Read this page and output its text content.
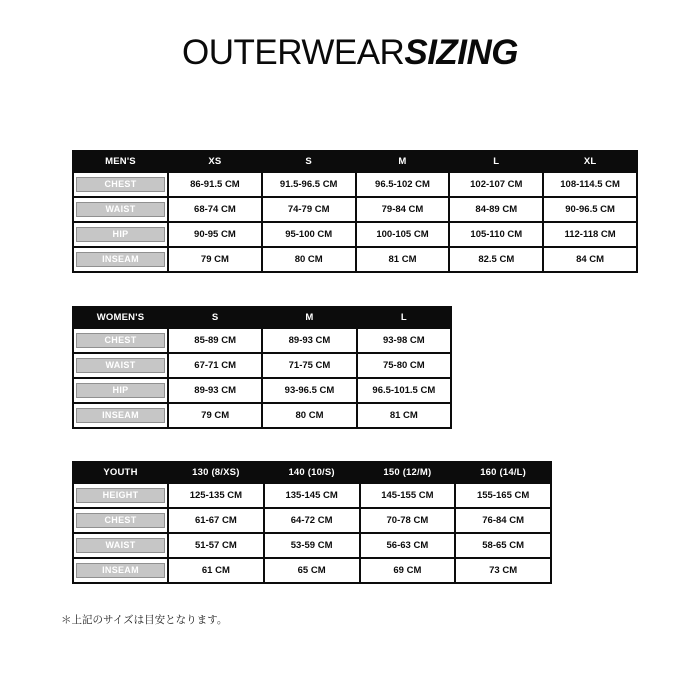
OUTERWEARSIZING
MEN'S	XS	S	M	L	XL

CHEST	86-91.5 CM	91.5-96.5 CM	96.5-102 CM	102-107 CM	108-114.5 CM

WAIST	68-74 CM	74-79 CM	79-84 CM	84-89 CM	90-96.5 CM

HIP	90-95 CM	95-100 CM	100-105 CM	105-110 CM	112-118 CM

INSEAM	79 CM	80 CM	81 CM	82.5 CM	84 CM
WOMEN'S	S	M	L

CHEST	85-89 CM	89-93 CM	93-98 CM

WAIST	67-71 CM	71-75 CM	75-80 CM

HIP	89-93 CM	93-96.5 CM	96.5-101.5 CM

INSEAM	79 CM	80 CM	81 CM
YOUTH	130 (8/XS)	140 (10/S)	150 (12/M)	160 (14/L)

HEIGHT	125-135 CM	135-145 CM	145-155 CM	155-165 CM

CHEST	61-67 CM	64-72 CM	70-78 CM	76-84 CM

WAIST	51-57 CM	53-59 CM	56-63 CM	58-65 CM

INSEAM	61 CM	65 CM	69 CM	73 CM

＊上記のサイズは目安となります。
